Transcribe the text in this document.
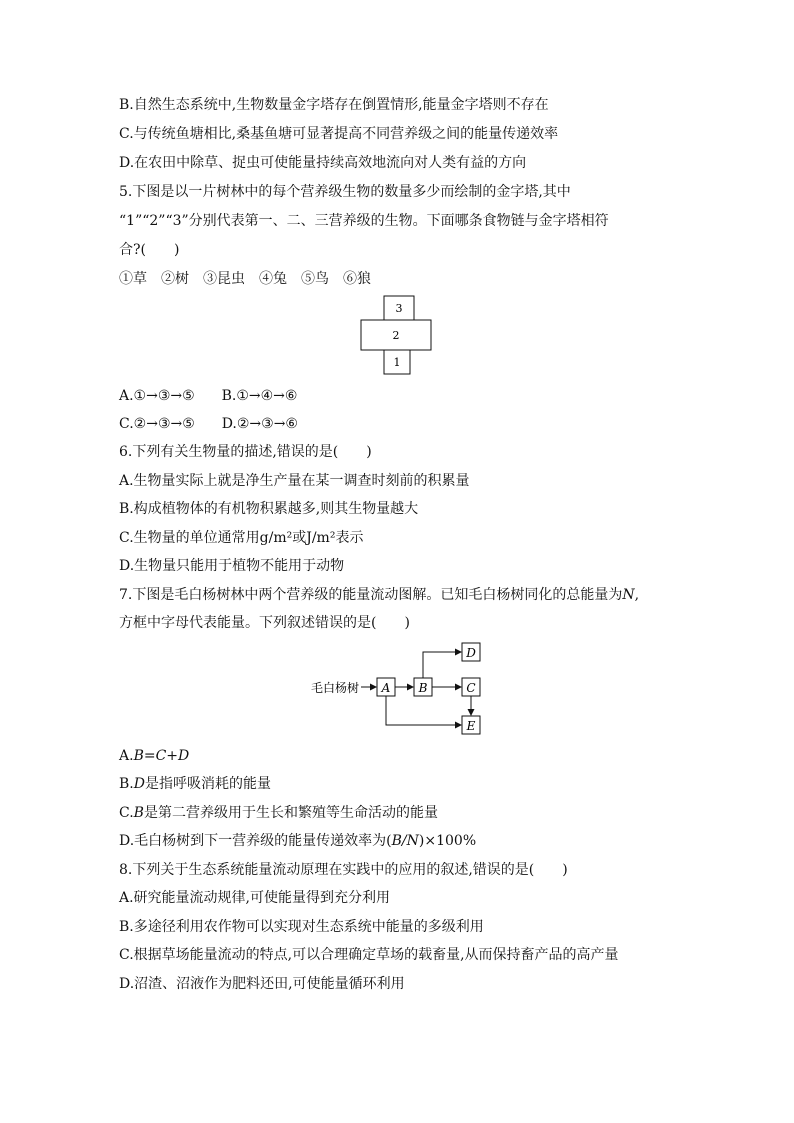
B.自然生态系统中,生物数量金字塔存在倒置情形,能量金字塔则不存在
C.与传统鱼塘相比,桑基鱼塘可显著提高不同营养级之间的能量传递效率
D.在农田中除草、捉虫可使能量持续高效地流向对人类有益的方向
5.下图是以一片树林中的每个营养级生物的数量多少而绘制的金字塔,其中
“1”“2”“3”分别代表第一、二、三营养级的生物。下面哪条食物链与金字塔相符
合?(　　)
①草　②树　③昆虫　④兔　⑤鸟　⑥狼
3
2
1
A.①→③→⑤ B.①→④→⑥
C.②→③→⑤ D.②→③→⑥
6.下列有关生物量的描述,错误的是(　　)
A.生物量实际上就是净生产量在某一调查时刻前的积累量
B.构成植物体的有机物积累越多,则其生物量越大
C.生物量的单位通常用g/m²或J/m²表示
D.生物量只能用于植物不能用于动物
7.下图是毛白杨树林中两个营养级的能量流动图解。已知毛白杨树同化的总能量为N,
方框中字母代表能量。下列叙述错误的是(　　)
毛白杨树 A B
D
C
E
A.B=C+D
B.D是指呼吸消耗的能量
C.B是第二营养级用于生长和繁殖等生命活动的能量
D.毛白杨树到下一营养级的能量传递效率为(B/N)×100%
8.下列关于生态系统能量流动原理在实践中的应用的叙述,错误的是(　　)
A.研究能量流动规律,可使能量得到充分利用
B.多途径利用农作物可以实现对生态系统中能量的多级利用
C.根据草场能量流动的特点,可以合理确定草场的载畜量,从而保持畜产品的高产量
D.沼渣、沼液作为肥料还田,可使能量循环利用
